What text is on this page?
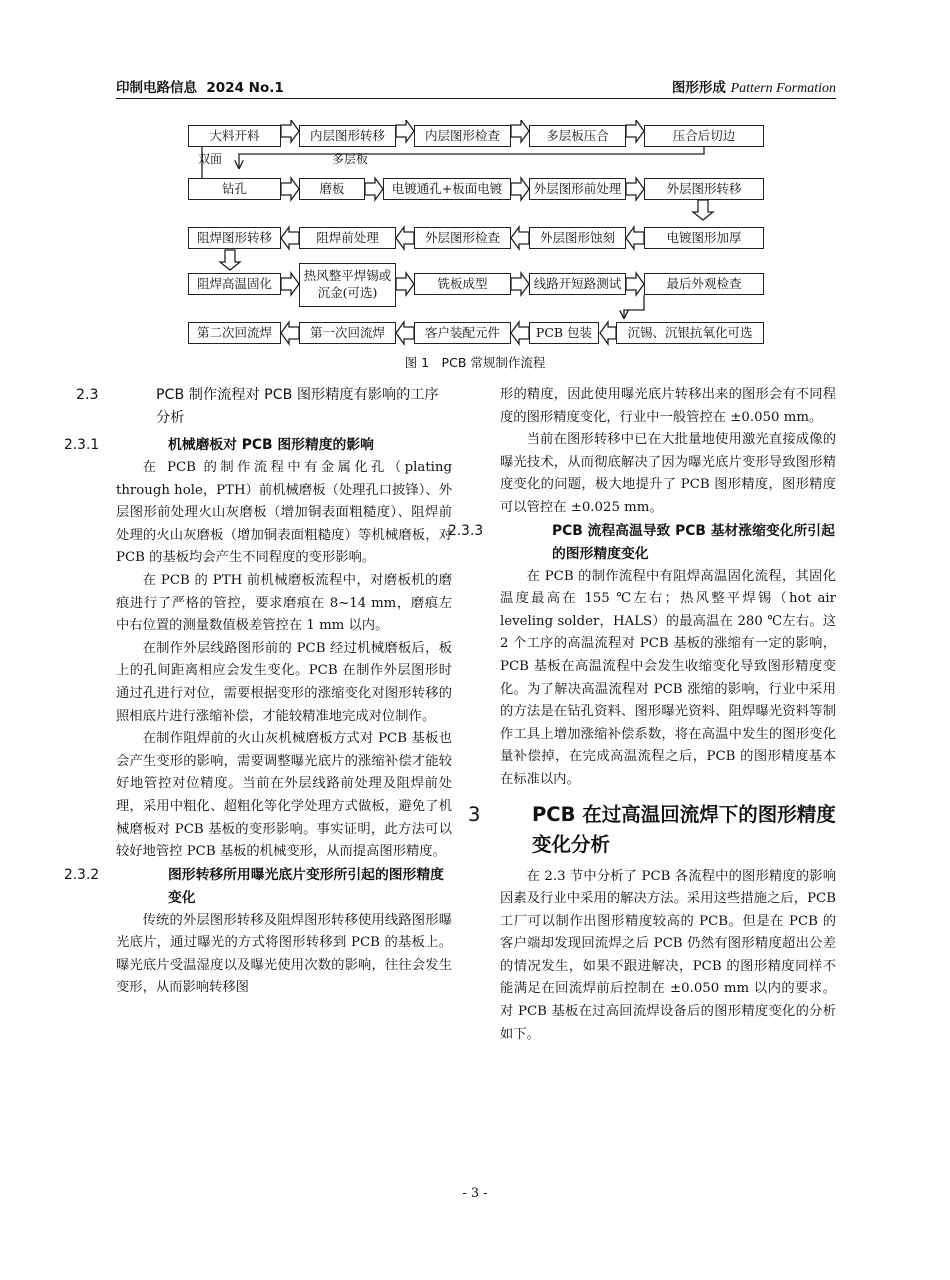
印制电路信息 2024 No.1	图形形成 Pattern Formation
大料开料	内层图形转移	内层图形检查	多层板压合	压合后切边
双面	多层板
钻孔	磨板	电镀通孔+板面电镀	外层图形前处理	外层图形转移
阻焊图形转移	阻焊前处理	外层图形检查	外层图形蚀刻	电镀图形加厚
阻焊高温固化
热风整平焊锡或沉金(可选)
铣板成型	线路开短路测试	最后外观检查
第二次回流焊	第一次回流焊	客户装配元件	PCB 包装	沉锡、沉银抗氧化可选
图 1　PCB 常规制作流程

2.3	PCB 制作流程对 PCB 图形精度有影响的工序分析

2.3.1	机械磨板对 PCB 图形精度的影响

在 PCB 的制作流程中有金属化孔（plating through hole，PTH）前机械磨板（处理孔口披锋）、外层图形前处理火山灰磨板（增加铜表面粗糙度）、阻焊前处理的火山灰磨板（增加铜表面粗糙度）等机械磨板，对 PCB 的基板均会产生不同程度的变形影响。

在 PCB 的 PTH 前机械磨板流程中，对磨板机的磨痕进行了严格的管控，要求磨痕在 8~14 mm，磨痕左中右位置的测量数值极差管控在 1 mm 以内。

在制作外层线路图形前的 PCB 经过机械磨板后，板上的孔间距离相应会发生变化。PCB 在制作外层图形时通过孔进行对位，需要根据变形的涨缩变化对图形转移的照相底片进行涨缩补偿，才能较精准地完成对位制作。

在制作阻焊前的火山灰机械磨板方式对 PCB 基板也会产生变形的影响，需要调整曝光底片的涨缩补偿才能较好地管控对位精度。当前在外层线路前处理及阻焊前处理，采用中粗化、超粗化等化学处理方式做板，避免了机械磨板对 PCB 基板的变形影响。事实证明，此方法可以较好地管控 PCB 基板的机械变形，从而提高图形精度。

2.3.2	图形转移所用曝光底片变形所引起的图形精度变化

传统的外层图形转移及阻焊图形转移使用线路图形曝光底片，通过曝光的方式将图形转移到 PCB 的基板上。曝光底片受温湿度以及曝光使用次数的影响，往往会发生变形，从而影响转移图

形的精度，因此使用曝光底片转移出来的图形会有不同程度的图形精度变化，行业中一般管控在 ±0.050 mm。

当前在图形转移中已在大批量地使用激光直接成像的曝光技术，从而彻底解决了因为曝光底片变形导致图形精度变化的问题，极大地提升了 PCB 图形精度，图形精度可以管控在 ±0.025 mm。

2.3.3	PCB 流程高温导致 PCB 基材涨缩变化所引起的图形精度变化

在 PCB 的制作流程中有阻焊高温固化流程，其固化温度最高在 155 ℃左右；热风整平焊锡（hot air leveling solder，HALS）的最高温在 280 ℃左右。这 2 个工序的高温流程对 PCB 基板的涨缩有一定的影响，PCB 基板在高温流程中会发生收缩变化导致图形精度变化。为了解决高温流程对 PCB 涨缩的影响，行业中采用的方法是在钻孔资料、图形曝光资料、阻焊曝光资料等制作工具上增加涨缩补偿系数，将在高温中发生的图形变化量补偿掉，在完成高温流程之后，PCB 的图形精度基本在标准以内。

3	PCB 在过高温回流焊下的图形精度变化分析

在 2.3 节中分析了 PCB 各流程中的图形精度的影响因素及行业中采用的解决方法。采用这些措施之后，PCB 工厂可以制作出图形精度较高的 PCB。但是在 PCB 的客户端却发现回流焊之后 PCB 仍然有图形精度超出公差的情况发生，如果不跟进解决，PCB 的图形精度同样不能满足在回流焊前后控制在 ±0.050 mm 以内的要求。对 PCB 基板在过高回流焊设备后的图形精度变化的分析如下。

- 3 -
